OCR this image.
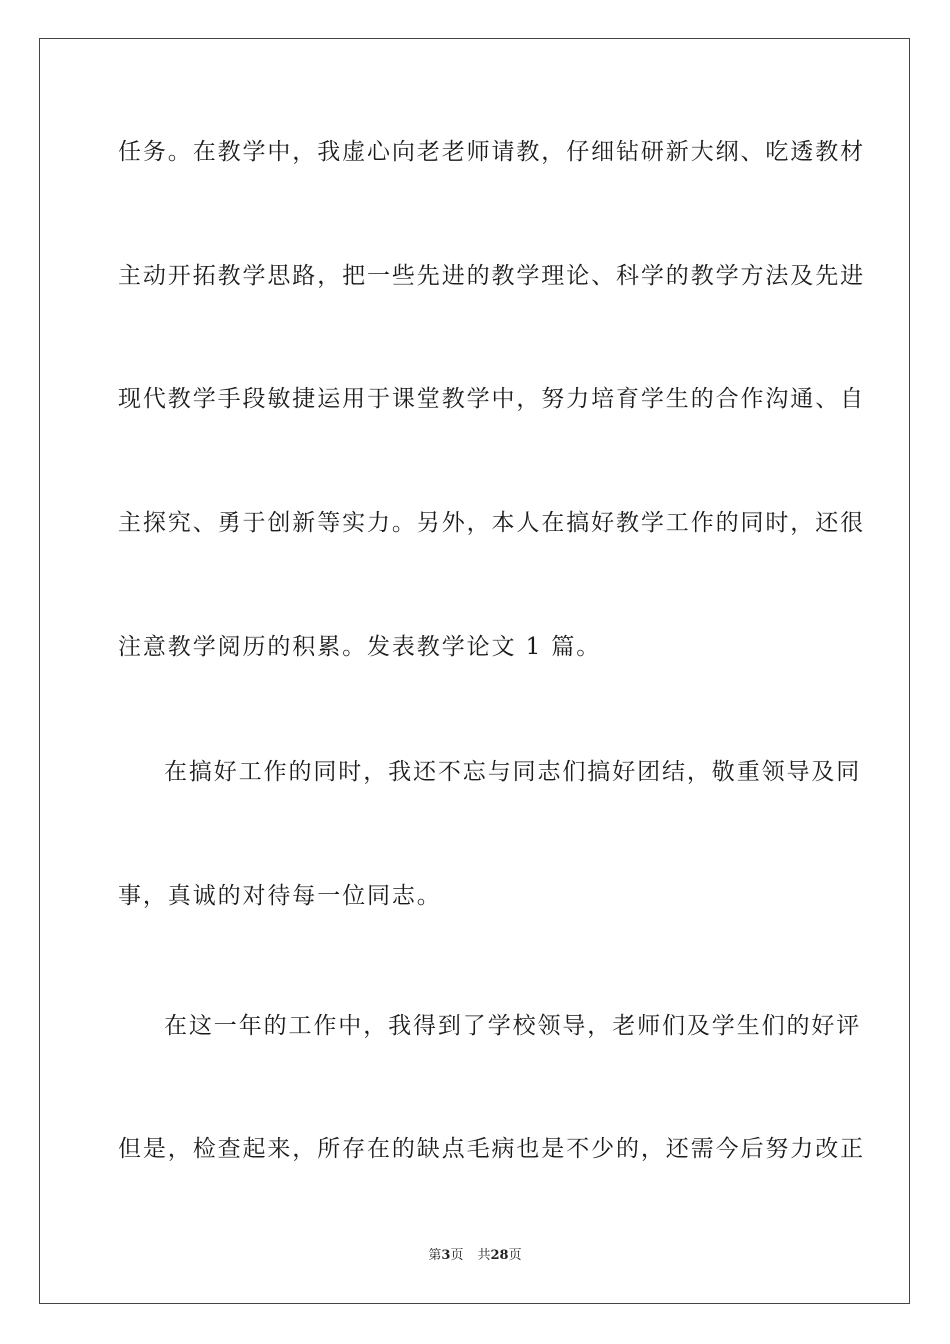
任务。在教学中，我虚心向老老师请教，仔细钻研新大纲、吃透教材
主动开拓教学思路，把一些先进的教学理论、科学的教学方法及先进
现代教学手段敏捷运用于课堂教学中，努力培育学生的合作沟通、自
主探究、勇于创新等实力。另外，本人在搞好教学工作的同时，还很
注意教学阅历的积累。发表教学论文 1 篇。
在搞好工作的同时，我还不忘与同志们搞好团结，敬重领导及同
事，真诚的对待每一位同志。
在这一年的工作中，我得到了学校领导，老师们及学生们的好评
但是，检查起来，所存在的缺点毛病也是不少的，还需今后努力改正
第3页 共28页
